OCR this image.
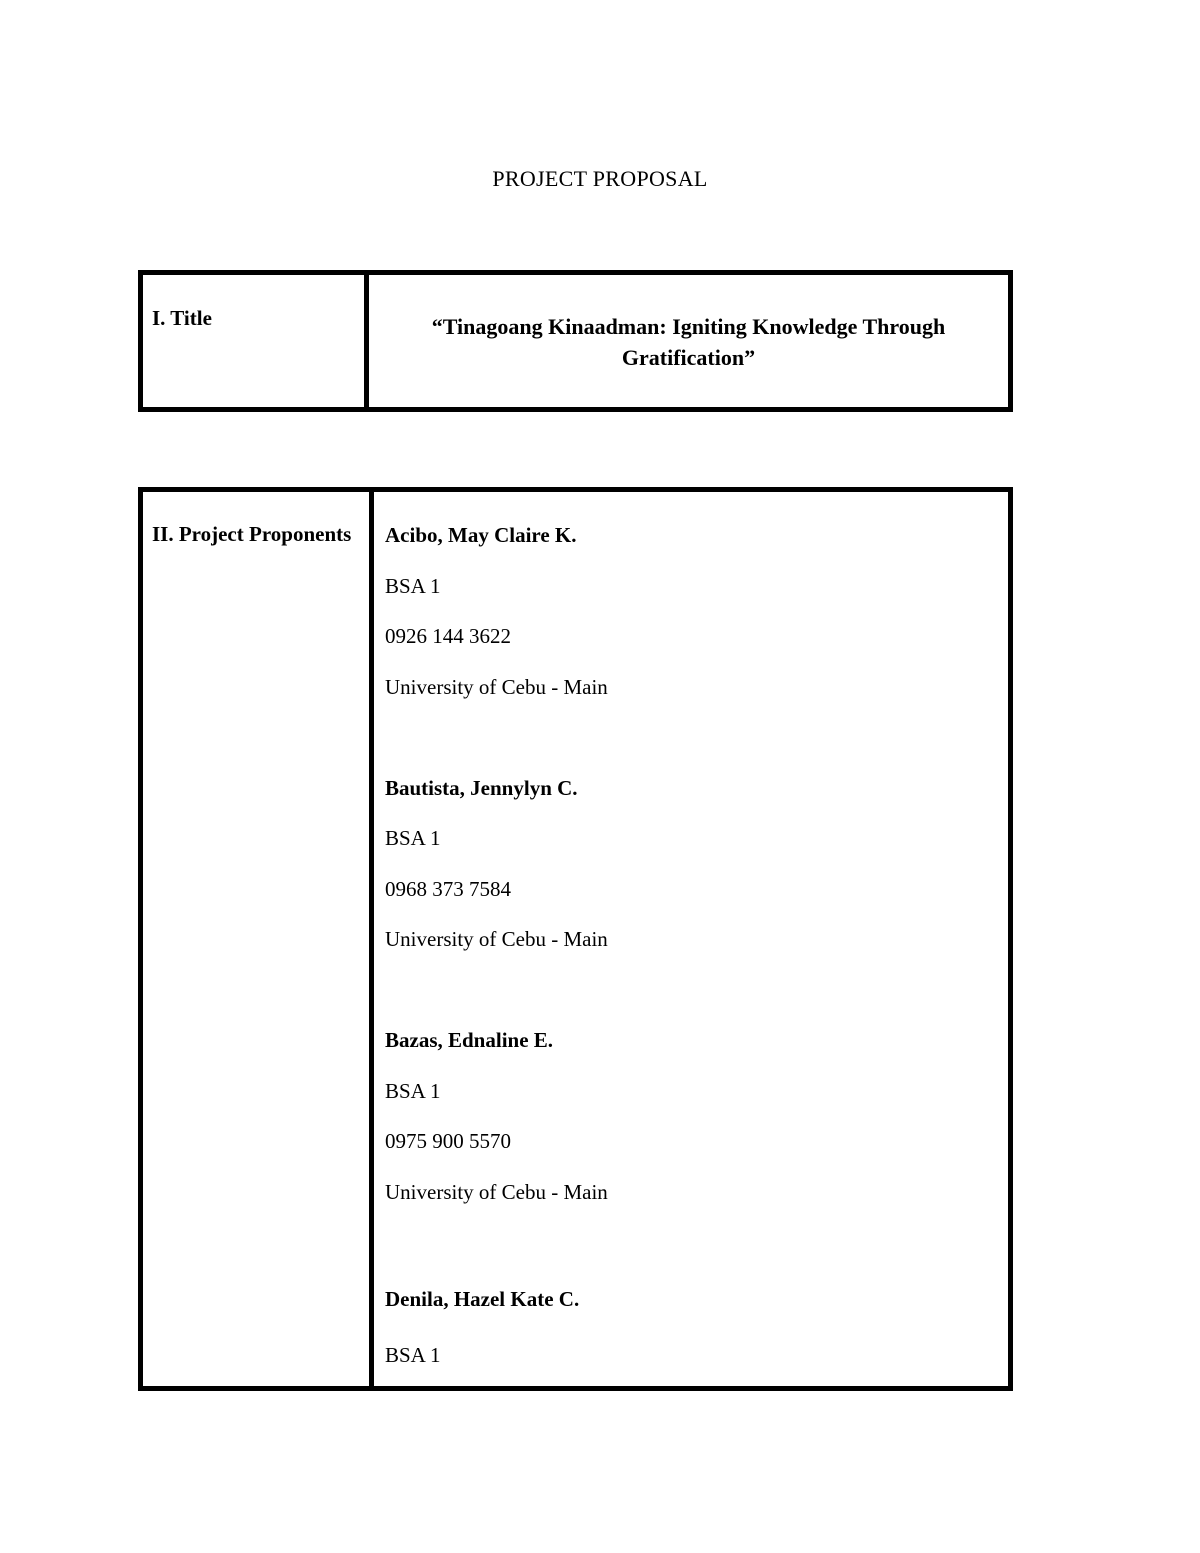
PROJECT PROPOSAL
I. Title	“Tinagoang Kinaadman: Igniting Knowledge Through Gratification”
II. Project Proponents	Acibo, May Claire K.
BSA 1
0926 144 3622
University of Cebu - Main
Bautista, Jennylyn C.
BSA 1
0968 373 7584
University of Cebu - Main
Bazas, Ednaline E.
BSA 1
0975 900 5570
University of Cebu - Main
Denila, Hazel Kate C.
BSA 1
